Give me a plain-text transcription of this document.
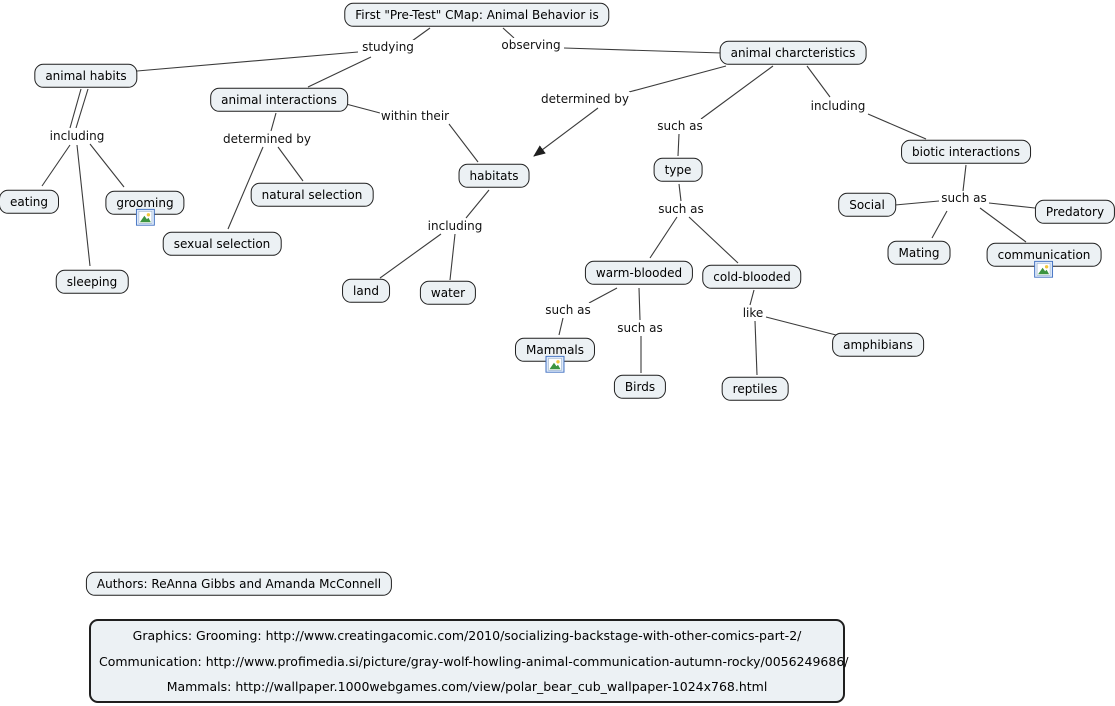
Graphics: Grooming: http://www.creatingacomic.com/2010/socializing-backstage-with-other-comics-part-2/
Communication: http://www.profimedia.si/picture/gray-wolf-howling-animal-communication-autumn-rocky/0056249686/
Mammals: http://wallpaper.1000webgames.com/view/polar_bear_cub_wallpaper-1024x768.html
First "Pre-Test" CMap: Animal Behavior is
animal habits
animal interactions
natural selection
sexual selection
eating	grooming
sleeping
habitats
land	water
animal charcteristics
type
warm-blooded	cold-blooded
Mammals
Birds	reptiles
amphibians
biotic interactions
Social
Mating
Predatory
communication
Authors: ReAnna Gibbs and Amanda McConnell
studying	observing
including	determined by
within their
determined by
such as
such as
including
such as
such as
like
including
such as
